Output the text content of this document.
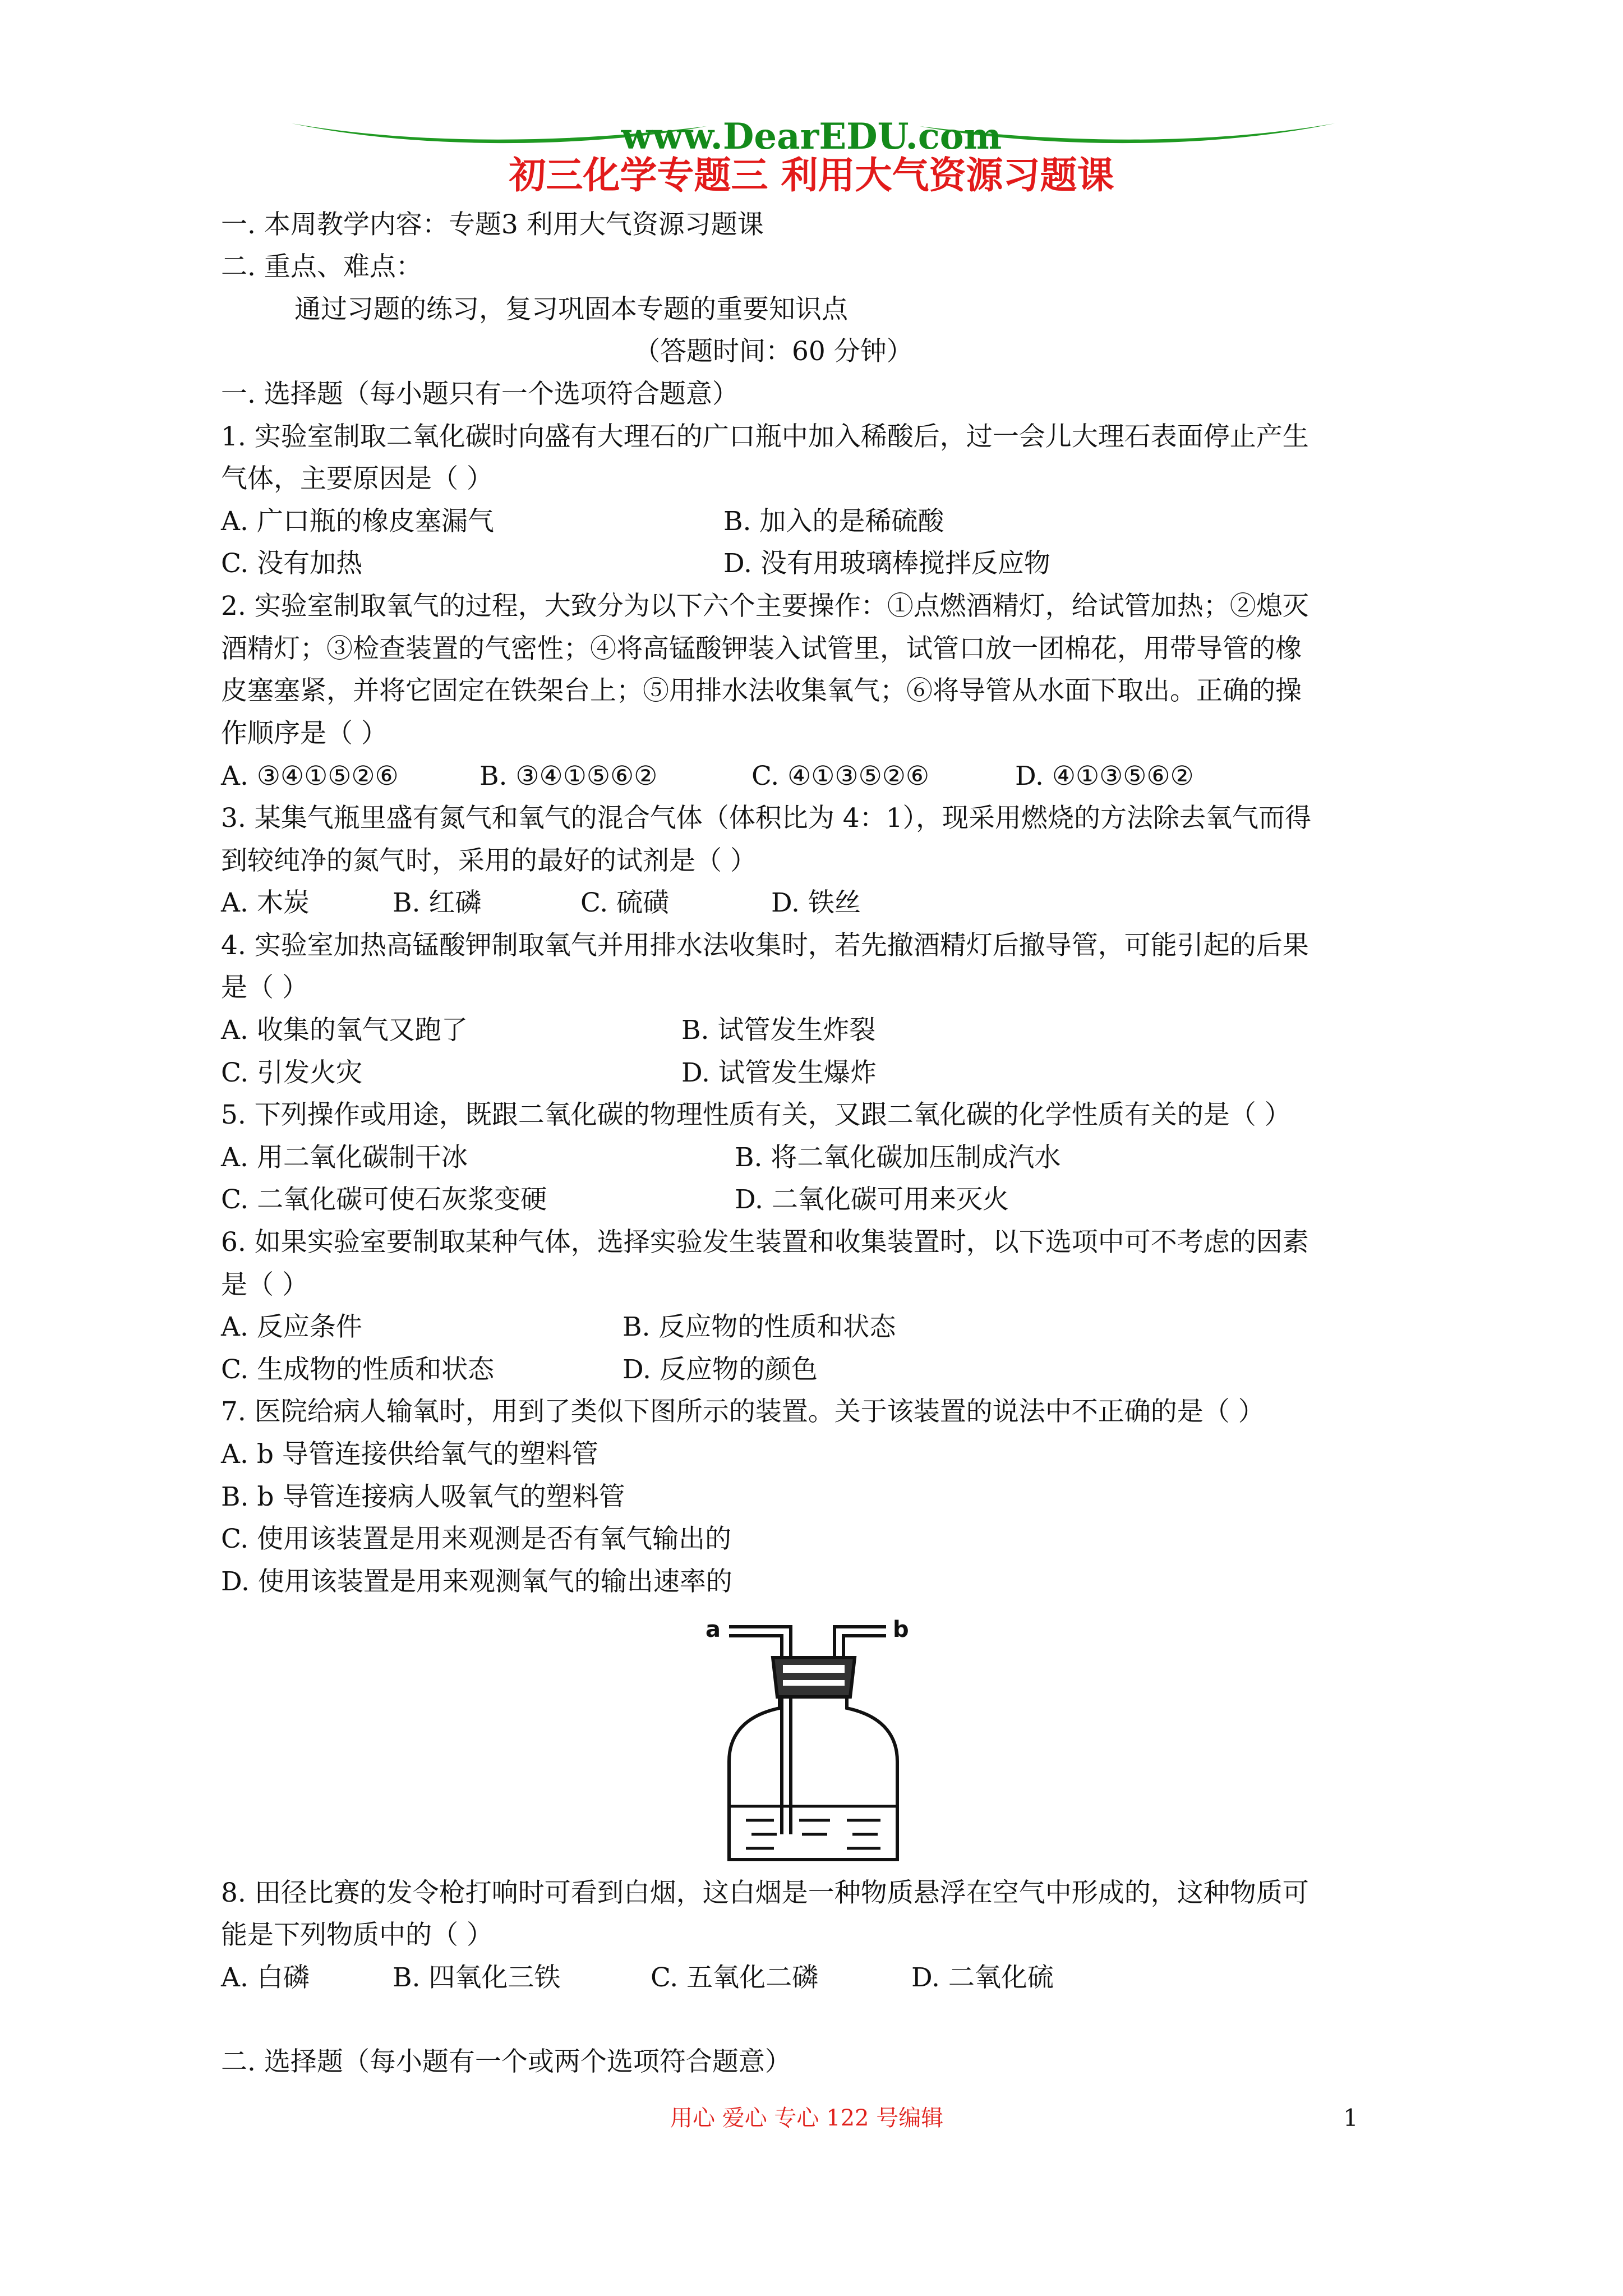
www.DearEDU.com
初三化学专题三 利用大气资源习题课
一. 本周教学内容：专题3 利用大气资源习题课
二. 重点、难点：
通过习题的练习，复习巩固本专题的重要知识点
（答题时间：60 分钟）
一. 选择题（每小题只有一个选项符合题意）
1. 实验室制取二氧化碳时向盛有大理石的广口瓶中加入稀酸后，过一会儿大理石表面停止产生
气体，主要原因是（ ）
A. 广口瓶的橡皮塞漏气	B. 加入的是稀硫酸
C. 没有加热	D. 没有用玻璃棒搅拌反应物
2. 实验室制取氧气的过程，大致分为以下六个主要操作：①点燃酒精灯，给试管加热；②熄灭
酒精灯；③检查装置的气密性；④将高锰酸钾装入试管里，试管口放一团棉花，用带导管的橡
皮塞塞紧，并将它固定在铁架台上；⑤用排水法收集氧气；⑥将导管从水面下取出。正确的操
作顺序是（ ）
A. ③④①⑤②⑥	B. ③④①⑤⑥②	C. ④①③⑤②⑥	D. ④①③⑤⑥②
3. 某集气瓶里盛有氮气和氧气的混合气体（体积比为 4：1），现采用燃烧的方法除去氧气而得
到较纯净的氮气时，采用的最好的试剂是（ ）
A. 木炭	B. 红磷	C. 硫磺	D. 铁丝
4. 实验室加热高锰酸钾制取氧气并用排水法收集时，若先撤酒精灯后撤导管，可能引起的后果
是（ ）
A. 收集的氧气又跑了	B. 试管发生炸裂
C. 引发火灾	D. 试管发生爆炸
5. 下列操作或用途，既跟二氧化碳的物理性质有关，又跟二氧化碳的化学性质有关的是（ ）
A. 用二氧化碳制干冰	B. 将二氧化碳加压制成汽水
C. 二氧化碳可使石灰浆变硬	D. 二氧化碳可用来灭火
6. 如果实验室要制取某种气体，选择实验发生装置和收集装置时，以下选项中可不考虑的因素
是（ ）
A. 反应条件	B. 反应物的性质和状态
C. 生成物的性质和状态	D. 反应物的颜色
7. 医院给病人输氧时，用到了类似下图所示的装置。关于该装置的说法中不正确的是（ ）
A. b 导管连接供给氧气的塑料管
B. b 导管连接病人吸氧气的塑料管
C. 使用该装置是用来观测是否有氧气输出的
D. 使用该装置是用来观测氧气的输出速率的
a	b
8. 田径比赛的发令枪打响时可看到白烟，这白烟是一种物质悬浮在空气中形成的，这种物质可
能是下列物质中的（ ）
A. 白磷	B. 四氧化三铁	C. 五氧化二磷	D. 二氧化硫
二. 选择题（每小题有一个或两个选项符合题意）
用心 爱心 专心 122 号编辑	1
